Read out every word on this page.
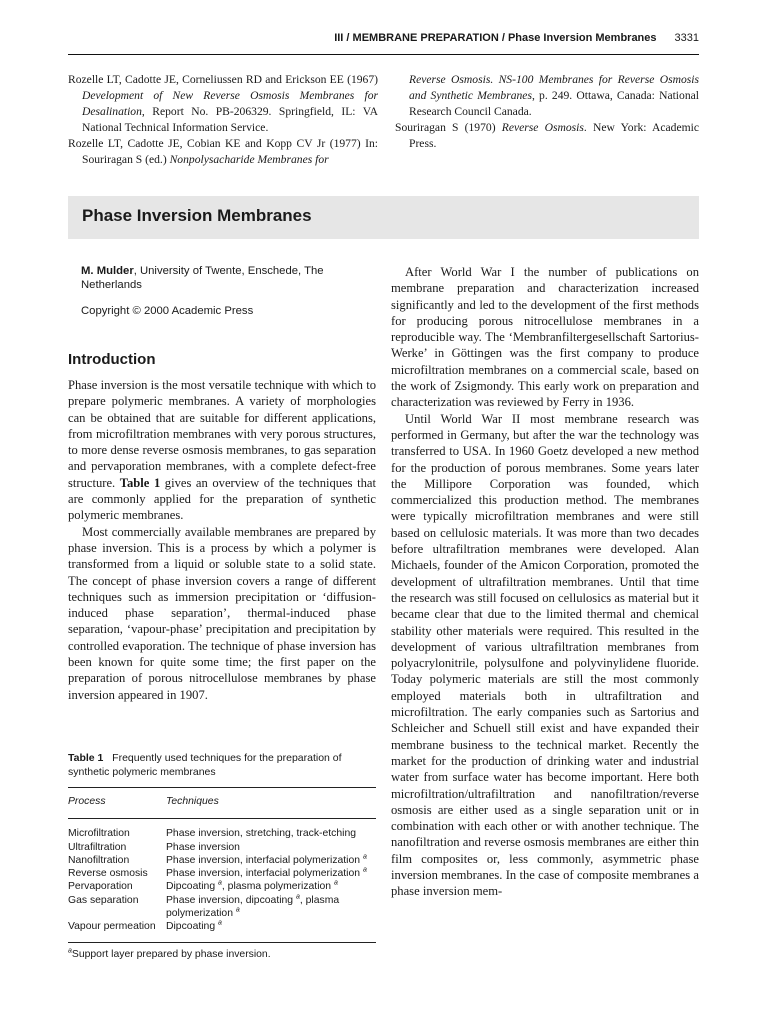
III / MEMBRANE PREPARATION / Phase Inversion Membranes 3331

Rozelle LT, Cadotte JE, Corneliussen RD and Erickson EE (1967) Development of New Reverse Osmosis Membranes for Desalination, Report No. PB-206329. Springfield, IL: VA National Technical Information Service.

Rozelle LT, Cadotte JE, Cobian KE and Kopp CV Jr (1977) In: Souriragan S (ed.) Nonpolysacharide Membranes for

Reverse Osmosis. NS-100 Membranes for Reverse Osmosis and Synthetic Membranes, p. 249. Ottawa, Canada: National Research Council Canada.

Souriragan S (1970) Reverse Osmosis. New York: Academic Press.

Phase Inversion Membranes
M. Mulder, University of Twente, Enschede, The Netherlands
Copyright © 2000 Academic Press
Introduction

Phase inversion is the most versatile technique with which to prepare polymeric membranes. A variety of morphologies can be obtained that are suitable for different applications, from microfiltration membranes with very porous structures, to more dense reverse osmosis membranes, to gas separation and pervaporation membranes, with a complete defect-free structure. Table 1 gives an overview of the techniques that are commonly applied for the preparation of synthetic polymeric membranes.

Most commercially available membranes are prepared by phase inversion. This is a process by which a polymer is transformed from a liquid or soluble state to a solid state. The concept of phase inversion covers a range of different techniques such as immersion precipitation or ‘diffusion-induced phase separation’, thermal-induced phase separation, ‘vapour-phase’ precipitation and precipitation by controlled evaporation. The technique of phase inversion has been known for quite some time; the first paper on the preparation of porous nitrocellulose membranes by phase inversion appeared in 1907.

Table 1 Frequently used techniques for the preparation of synthetic polymeric membranes
Process	Techniques
Microfiltration	Phase inversion, stretching, track-etching
Ultrafiltration	Phase inversion
Nanofiltration	Phase inversion, interfacial polymerization $^a$
Reverse osmosis	Phase inversion, interfacial polymerization $^a$
Pervaporation	Dipcoating $^a$, plasma polymerization $^a$
Gas separation	Phase inversion, dipcoating $^a$, plasma polymerization $^a$
Vapour permeation	Dipcoating $^a$
$^a$Support layer prepared by phase inversion.

After World War I the number of publications on membrane preparation and characterization increased significantly and led to the development of the first methods for producing porous nitrocellulose membranes in a reproducible way. The ‘Membranfiltergesellschaft Sartorius-Werke’ in Göttingen was the first company to produce microfiltration membranes on a commercial scale, based on the work of Zsigmondy. This early work on preparation and characterization was reviewed by Ferry in 1936.

Until World War II most membrane research was performed in Germany, but after the war the technology was transferred to USA. In 1960 Goetz developed a new method for the production of porous membranes. Some years later the Millipore Corporation was founded, which commercialized this production method. The membranes were typically microfiltration membranes and were still based on cellulosic materials. It was more than two decades before ultrafiltration membranes were developed. Alan Michaels, founder of the Amicon Corporation, promoted the development of ultrafiltration membranes. Until that time the research was still focused on cellulosics as material but it became clear that due to the limited thermal and chemical stability other materials were required. This resulted in the development of various ultrafiltration membranes from polyacrylonitrile, polysulfone and polyvinylidene fluoride. Today polymeric materials are still the most commonly employed materials both in ultrafiltration and microfiltration. The early companies such as Sartorius and Schleicher and Schuell still exist and have expanded their membrane business to the technical market. Recently the market for the production of drinking water and industrial water from surface water has become important. Here both microfiltration/ultrafiltration and nanofiltration/reverse osmosis are either used as a single separation unit or in combination with each other or with another technique. The nanofiltration and reverse osmosis membranes are either thin film composites or, less commonly, asymmetric phase inversion membranes. In the case of composite membranes a phase inversion mem-
